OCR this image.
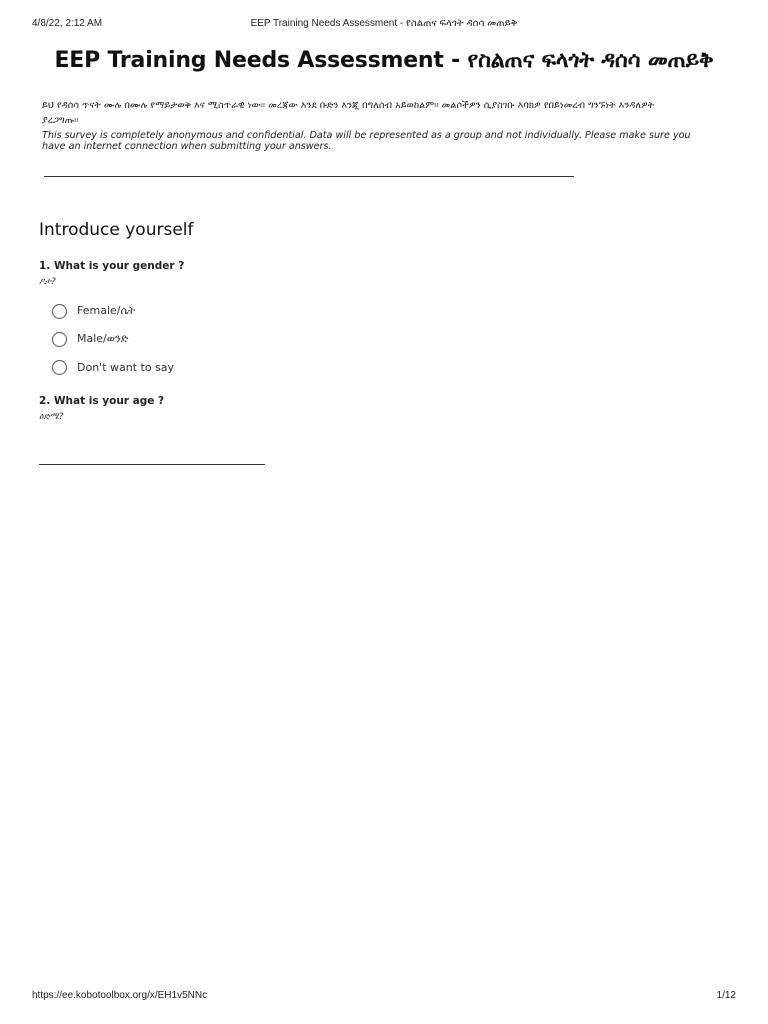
4/8/22, 2:12 AM	EEP Training Needs Assessment - የስልጠና ፍላጎት ዳሰሳ መጠይቅ
EEP Training Needs Assessment - የስልጠና ፍላጎት ዳሰሳ መጠይቅ
ይህ የዳሰሳ ጥናት ሙሉ በሙሉ የማይታወቅ እና ሚስጥራዊ ነው። መረጃው እንደ ቡድን እንጂ በግለሰብ አይወከልም። መልሶችዎን ሲያስገቡ እባክዎ የበይነመረብ ግንኙነት እንዳለዎት ያረጋግጡ።
This survey is completely anonymous and confidential. Data will be represented as a group and not individually. Please make sure you have an internet connection when submitting your answers.
Introduce yourself
1. What is your gender ?
ፆታ?
Female/ሴት
Male/ወንድ
Don't want to say
2. What is your age ?
ዕድሜ?
https://ee.kobotoolbox.org/x/EH1v5NNc	1/12
